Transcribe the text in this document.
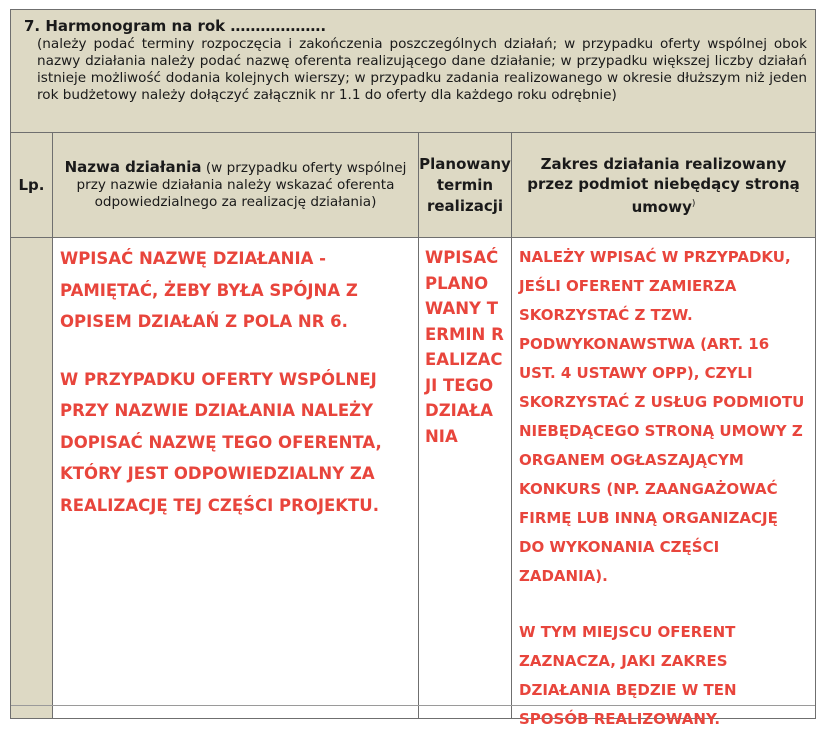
7. Harmonogram na rok ……………….
(należy podać terminy rozpoczęcia i zakończenia poszczególnych działań; w przypadku oferty wspólnej obok nazwy działania należy podać nazwę oferenta realizującego dane działanie; w przypadku większej liczby działań istnieje możliwość dodania kolejnych wierszy; w przypadku zadania realizowanego w okresie dłuższym niż jeden rok budżetowy należy dołączyć załącznik nr 1.1 do oferty dla każdego roku odrębnie)
Lp.
Nazwa działania (w przypadku oferty wspólnej przy nazwie działania należy wskazać oferenta odpowiedzialnego za realizację działania)
Planowany termin realizacji
Zakres działania realizowany przez podmiot niebędący stroną umowy)

WPISAĆ NAZWĘ DZIAŁANIA - PAMIĘTAĆ, ŻEBY BYŁA SPÓJNA Z OPISEM DZIAŁAŃ Z POLA NR 6.

W PRZYPADKU OFERTY WSPÓLNEJ PRZY NAZWIE DZIAŁANIA NALEŻY DOPISAĆ NAZWĘ TEGO OFERENTA, KTÓRY JEST ODPOWIEDZIALNY ZA REALIZACJĘ TEJ CZĘŚCI PROJEKTU.

WPISAĆ PLANOWANY TERMIN REALIZACJI TEGO DZIAŁANIA

NALEŻY WPISAĆ W PRZYPADKU, JEŚLI OFERENT ZAMIERZA SKORZYSTAĆ Z TZW. PODWYKONAWSTWA (ART. 16 UST. 4 USTAWY OPP), CZYLI SKORZYSTAĆ Z USŁUG PODMIOTU NIEBĘDĄCEGO STRONĄ UMOWY Z ORGANEM OGŁASZAJĄCYM KONKURS (NP. ZAANGAŻOWAĆ FIRMĘ LUB INNĄ ORGANIZACJĘ DO WYKONANIA CZĘŚCI ZADANIA).

W TYM MIEJSCU OFERENT ZAZNACZA, JAKI ZAKRES DZIAŁANIA BĘDZIE W TEN SPOSÓB REALIZOWANY.
